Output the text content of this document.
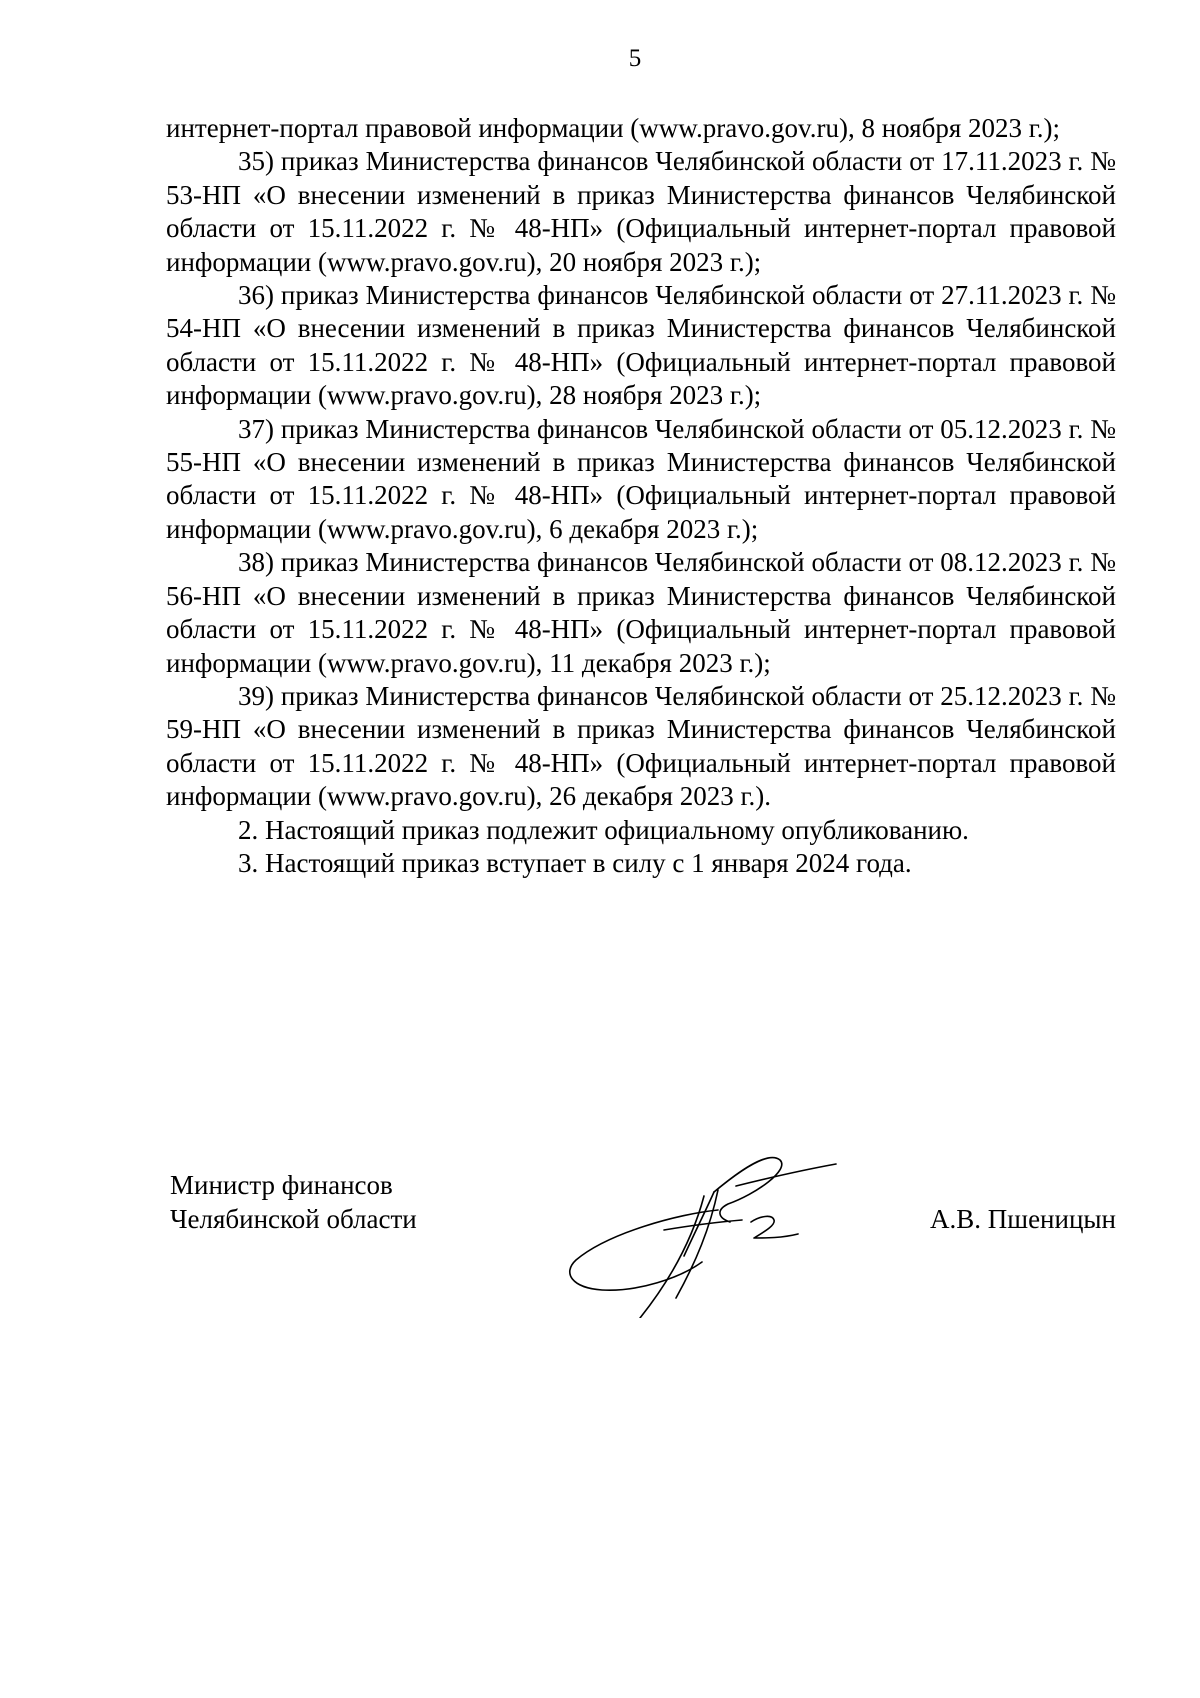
5

интернет-портал правовой информации (www.pravo.gov.ru), 8 ноября 2023 г.);

35) приказ Министерства финансов Челябинской области от 17.11.2023 г. № 53-НП «О внесении изменений в приказ Министерства финансов Челябинской области от 15.11.2022 г. № 48-НП» (Официальный интернет-портал правовой информации (www.pravo.gov.ru), 20 ноября 2023 г.);

36) приказ Министерства финансов Челябинской области от 27.11.2023 г. № 54-НП «О внесении изменений в приказ Министерства финансов Челябинской области от 15.11.2022 г. № 48-НП» (Официальный интернет-портал правовой информации (www.pravo.gov.ru), 28 ноября 2023 г.);

37) приказ Министерства финансов Челябинской области от 05.12.2023 г. № 55-НП «О внесении изменений в приказ Министерства финансов Челябинской области от 15.11.2022 г. № 48-НП» (Официальный интернет-портал правовой информации (www.pravo.gov.ru), 6 декабря 2023 г.);

38) приказ Министерства финансов Челябинской области от 08.12.2023 г. № 56-НП «О внесении изменений в приказ Министерства финансов Челябинской области от 15.11.2022 г. № 48-НП» (Официальный интернет-портал правовой информации (www.pravo.gov.ru), 11 декабря 2023 г.);

39) приказ Министерства финансов Челябинской области от 25.12.2023 г. № 59-НП «О внесении изменений в приказ Министерства финансов Челябинской области от 15.11.2022 г. № 48-НП» (Официальный интернет-портал правовой информации (www.pravo.gov.ru), 26 декабря 2023 г.).

2. Настоящий приказ подлежит официальному опубликованию.

3. Настоящий приказ вступает в силу с 1 января 2024 года.

Министр финансов
Челябинской области	А.В. Пшеницын
